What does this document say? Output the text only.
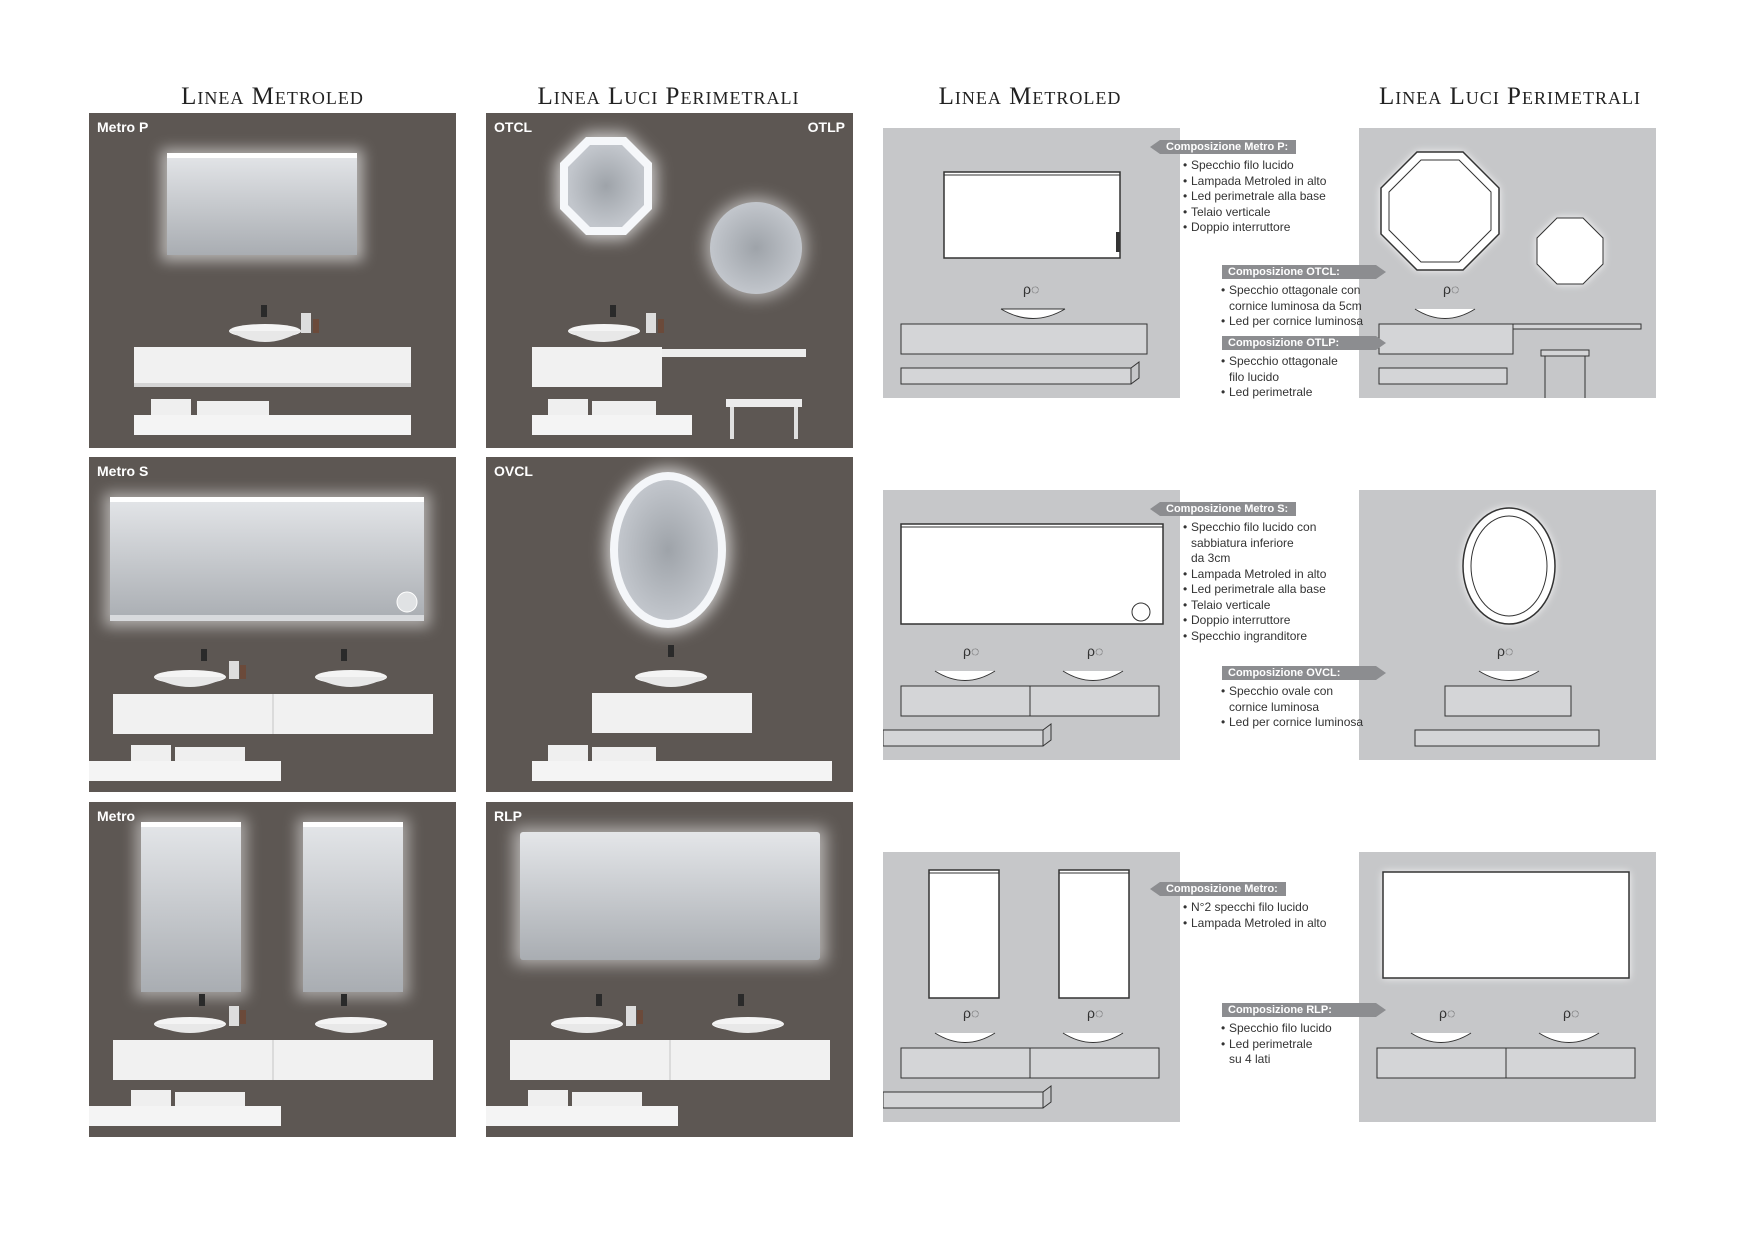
Linea Metroled	Linea Luci Perimetrali	Linea Metroled	Linea Luci Perimetrali
Metro P
Metro S
Metro
OTCL	OTLP
OVCL
RLP
ρ◌
ρ◌	ρ◌
ρ◌	ρ◌
ρ◌
ρ◌
ρ◌	ρ◌
Composizione Metro P:
• Specchio filo lucido
• Lampada Metroled in alto
• Led perimetrale alla base
• Telaio verticale
• Doppio interruttore
Composizione OTCL:
• Specchio ottagonale con
cornice luminosa da 5cm
• Led per cornice luminosa
Composizione OTLP:
• Specchio ottagonale
filo lucido
• Led perimetrale
Composizione Metro S:
• Specchio filo lucido con
sabbiatura inferiore
da 3cm
• Lampada Metroled in alto
• Led perimetrale alla base
• Telaio verticale
• Doppio interruttore
• Specchio ingranditore
Composizione OVCL:
• Specchio ovale con
cornice luminosa
• Led per cornice luminosa
Composizione Metro:
• N°2 specchi filo lucido
• Lampada Metroled in alto
Composizione RLP:
• Specchio filo lucido
• Led perimetrale
su 4 lati
